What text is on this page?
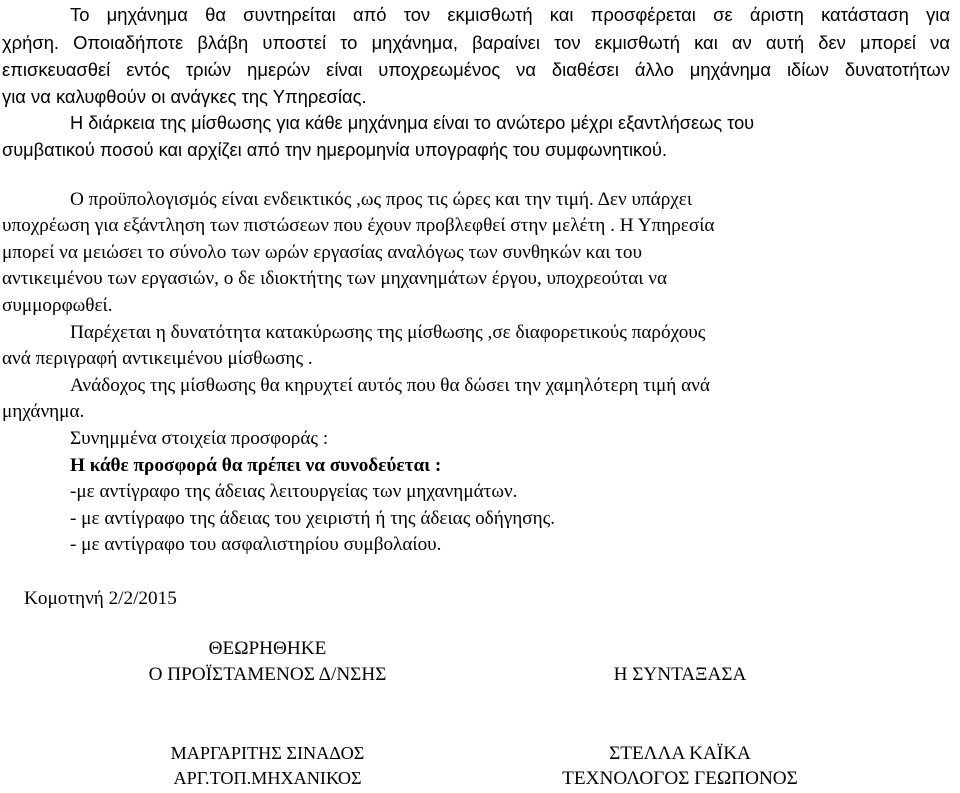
Το μηχάνημα θα συντηρείται από τον εκμισθωτή και προσφέρεται σε άριστη κατάσταση για
χρήση. Οποιαδήποτε βλάβη υποστεί το μηχάνημα, βαραίνει τον εκμισθωτή και αν αυτή δεν μπορεί να
επισκευασθεί εντός τριών ημερών είναι υποχρεωμένος να διαθέσει άλλο μηχάνημα ιδίων δυνατοτήτων
για να καλυφθούν οι ανάγκες της Υπηρεσίας.
Η διάρκεια της μίσθωσης για κάθε μηχάνημα είναι το ανώτερο μέχρι εξαντλήσεως του
συμβατικού ποσού και αρχίζει από την ημερομηνία υπογραφής του συμφωνητικού.
Ο προϋπολογισμός είναι ενδεικτικός ,ως προς τις ώρες και την τιμή. Δεν υπάρχει
υποχρέωση για εξάντληση των πιστώσεων που έχουν προβλεφθεί στην μελέτη . Η Υπηρεσία
μπορεί να μειώσει το σύνολο των ωρών εργασίας αναλόγως των συνθηκών και του
αντικειμένου των εργασιών, ο δε ιδιοκτήτης των μηχανημάτων έργου, υποχρεούται να
συμμορφωθεί.
Παρέχεται η δυνατότητα κατακύρωσης της μίσθωσης ,σε διαφορετικούς παρόχους
ανά περιγραφή αντικειμένου μίσθωσης .
Ανάδοχος της μίσθωσης θα κηρυχτεί αυτός που θα δώσει την χαμηλότερη τιμή ανά
μηχάνημα.
Συνημμένα στοιχεία προσφοράς :
Η κάθε προσφορά θα πρέπει να συνοδεύεται :
-με αντίγραφο της άδειας λειτουργείας των μηχανημάτων.
- με αντίγραφο της άδειας του χειριστή ή της άδειας οδήγησης.
- με αντίγραφο του ασφαλιστηρίου συμβολαίου.
Κομοτηνή 2/2/2015
ΘΕΩΡΗΘΗΚΕ
Ο ΠΡΟΪΣΤΑΜΕΝΟΣ Δ/ΝΣΗΣ
ΜΑΡΓΑΡΙΤΗΣ ΣΙΝΑΔΟΣ
ΑΡΓ.ΤΟΠ.ΜΗΧΑΝΙΚΟΣ
Η ΣΥΝΤΑΞΑΣΑ
ΣΤΕΛΛΑ ΚΑΪΚΑ
ΤΕΧΝΟΛΟΓΟΣ ΓΕΩΠΟΝΟΣ
